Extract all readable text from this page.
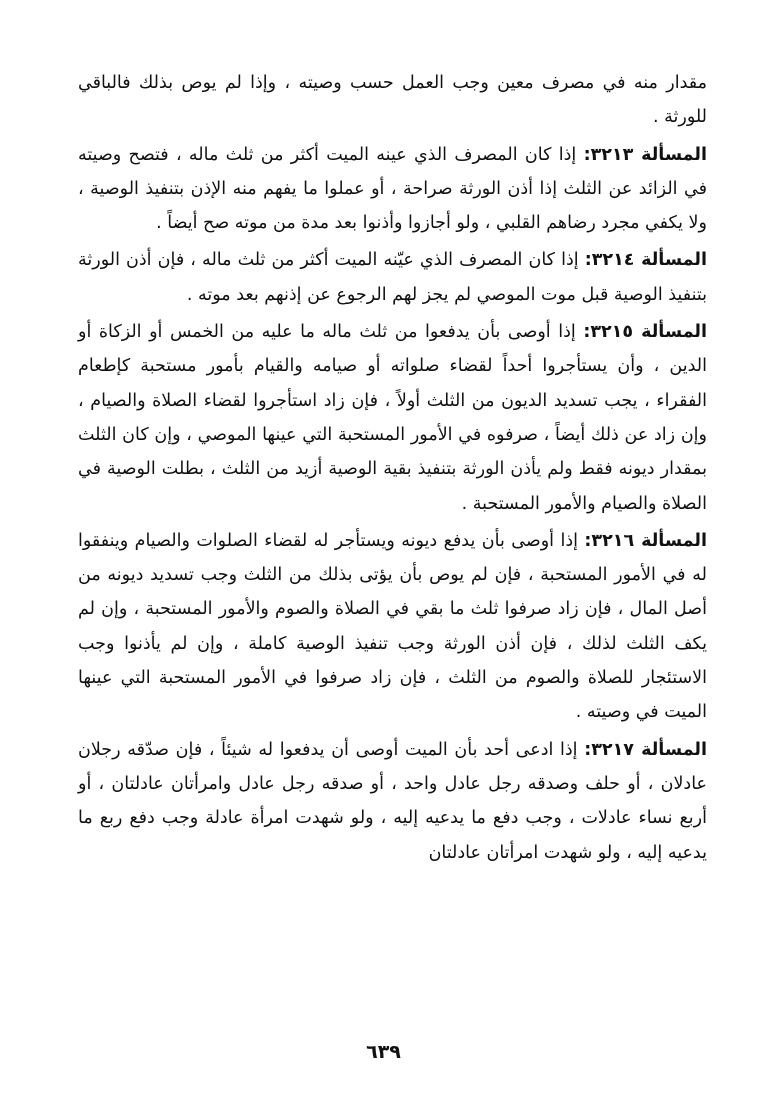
مقدار منه في مصرف معين وجب العمل حسب وصيته ، وإذا لم يوص بذلك فالباقي للورثة .

المسألة ٣٢١٣: إذا كان المصرف الذي عينه الميت أكثر من ثلث ماله ، فتصح وصيته في الزائد عن الثلث إذا أذن الورثة صراحة ، أو عملوا ما يفهم منه الإذن بتنفيذ الوصية ، ولا يكفي مجرد رضاهم القلبي ، ولو أجازوا وأذنوا بعد مدة من موته صح أيضاً .

المسألة ٣٢١٤: إذا كان المصرف الذي عيّنه الميت أكثر من ثلث ماله ، فإن أذن الورثة بتنفيذ الوصية قبل موت الموصي لم يجز لهم الرجوع عن إذنهم بعد موته .

المسألة ٣٢١٥: إذا أوصى بأن يدفعوا من ثلث ماله ما عليه من الخمس أو الزكاة أو الدين ، وأن يستأجروا أحداً لقضاء صلواته أو صيامه والقيام بأمور مستحبة كإطعام الفقراء ، يجب تسديد الديون من الثلث أولاً ، فإن زاد استأجروا لقضاء الصلاة والصيام ، وإن زاد عن ذلك أيضاً ، صرفوه في الأمور المستحبة التي عينها الموصي ، وإن كان الثلث بمقدار ديونه فقط ولم يأذن الورثة بتنفيذ بقية الوصية أزيد من الثلث ، بطلت الوصية في الصلاة والصيام والأمور المستحبة .

المسألة ٣٢١٦: إذا أوصى بأن يدفع ديونه ويستأجر له لقضاء الصلوات والصيام وينفقوا له في الأمور المستحبة ، فإن لم يوص بأن يؤتى بذلك من الثلث وجب تسديد ديونه من أصل المال ، فإن زاد صرفوا ثلث ما بقي في الصلاة والصوم والأمور المستحبة ، وإن لم يكف الثلث لذلك ، فإن أذن الورثة وجب تنفيذ الوصية كاملة ، وإن لم يأذنوا وجب الاستئجار للصلاة والصوم من الثلث ، فإن زاد صرفوا في الأمور المستحبة التي عينها الميت في وصيته .

المسألة ٣٢١٧: إذا ادعى أحد بأن الميت أوصى أن يدفعوا له شيئاً ، فإن صدّقه رجلان عادلان ، أو حلف وصدقه رجل عادل واحد ، أو صدقه رجل عادل وامرأتان عادلتان ، أو أربع نساء عادلات ، وجب دفع ما يدعيه إليه ، ولو شهدت امرأة عادلة وجب دفع ربع ما يدعيه إليه ، ولو شهدت امرأتان عادلتان

٦٣٩
